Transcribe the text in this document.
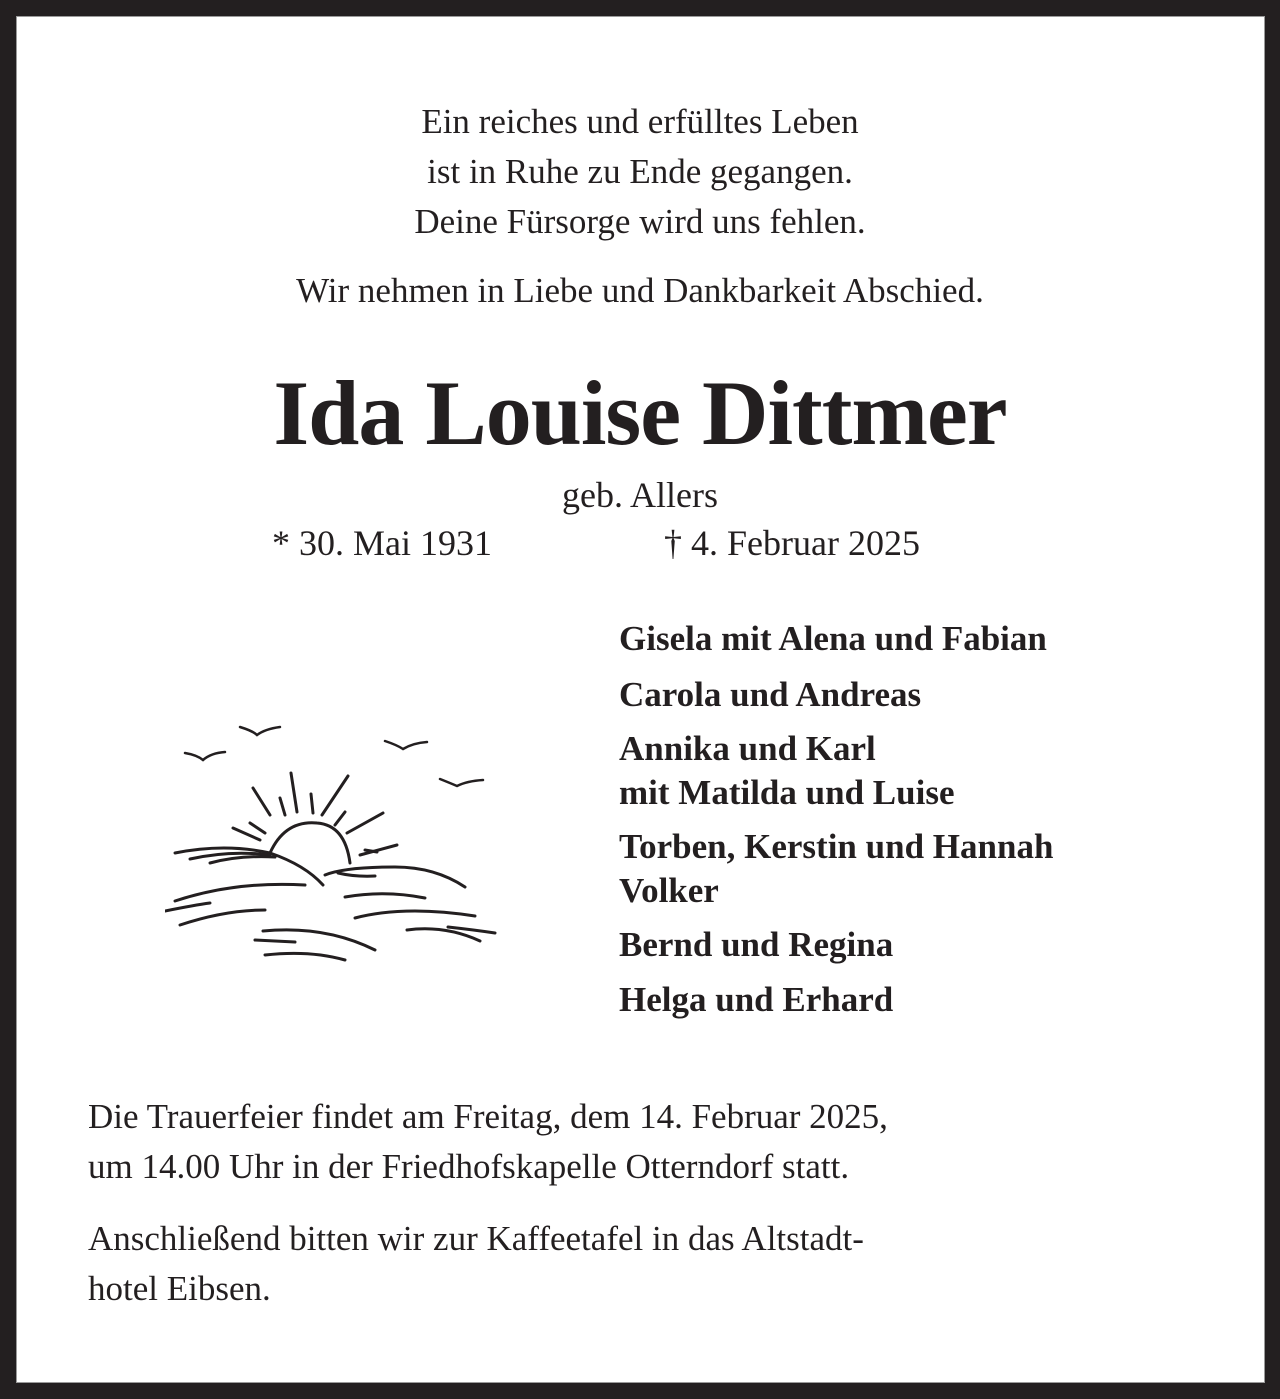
Ein reiches und erfülltes Leben
ist in Ruhe zu Ende gegangen.
Deine Fürsorge wird uns fehlen.
Wir nehmen in Liebe und Dankbarkeit Abschied.
Ida Louise Dittmer
geb. Allers
* 30. Mai 1931	† 4. Februar 2025
Gisela mit Alena und Fabian
Carola und Andreas
Annika und Karl
mit Matilda und Luise
Torben, Kerstin und Hannah
Volker
Bernd und Regina
Helga und Erhard
Die Trauerfeier findet am Freitag, dem 14. Februar 2025,
um 14.00 Uhr in der Friedhofskapelle Otterndorf statt.
Anschließend bitten wir zur Kaffeetafel in das Altstadt-
hotel Eibsen.
